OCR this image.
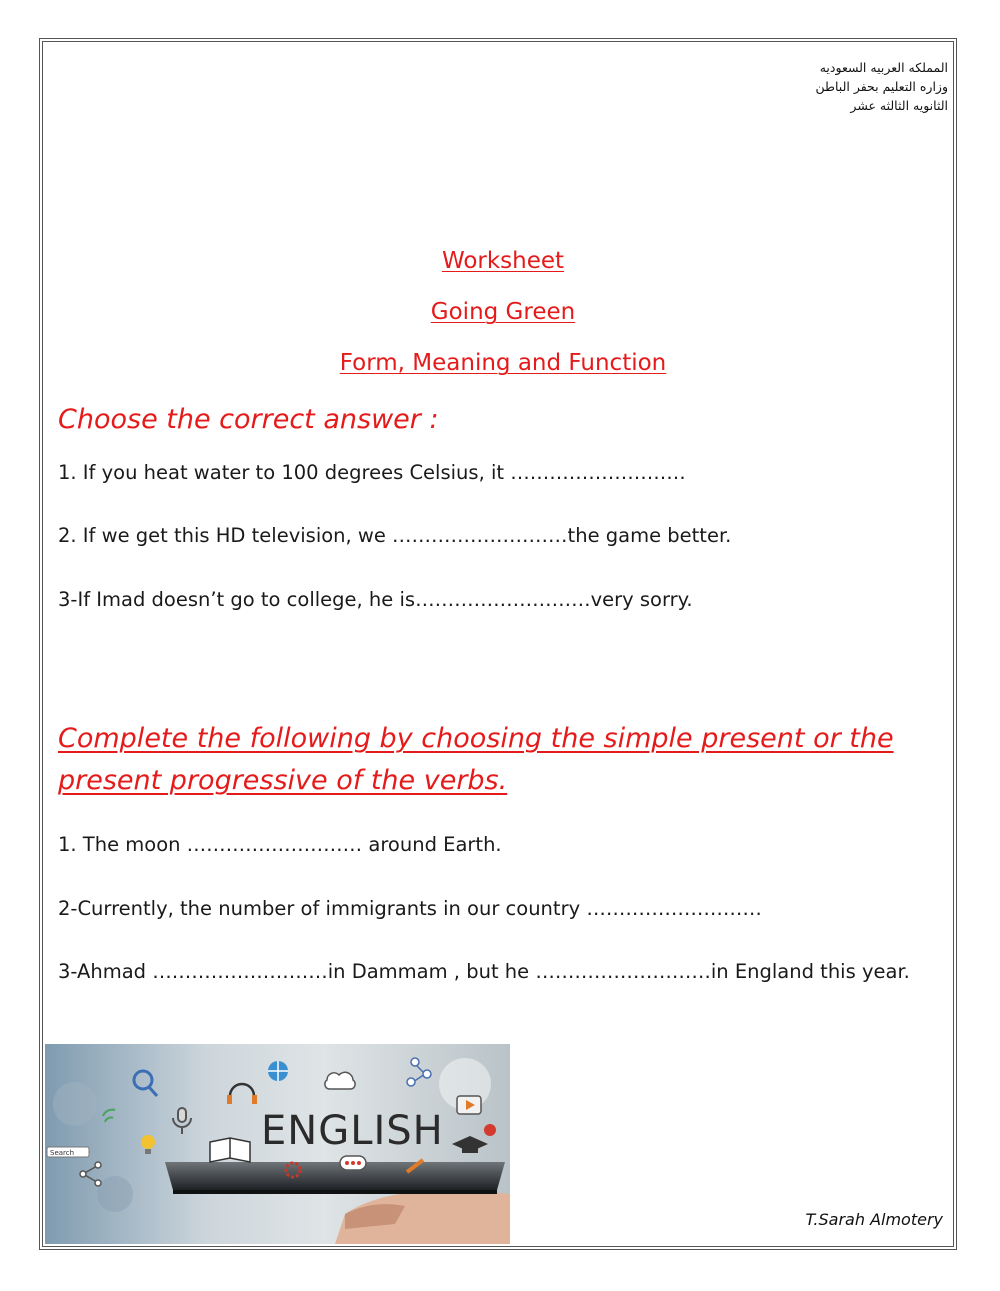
المملكه العربيه السعوديه
وزاره التعليم بحفر الباطن
الثانويه الثالثه عشر
Worksheet
Going Green
Form, Meaning and Function
Choose the correct answer :
1. If you heat water to 100 degrees Celsius, it ………………………
2. If we get this HD television, we ………………………the game better.
3-If Imad doesn’t go to college, he is………………………very sorry.
Complete the following by choosing the simple present or the present progressive of the verbs.
1. The moon ……………………… around Earth.
2-Currently, the number of immigrants in our country ………………………
3-Ahmad ………………………in Dammam , but he ………………………in England this year.
ENGLISH
Search
T.Sarah Almotery
